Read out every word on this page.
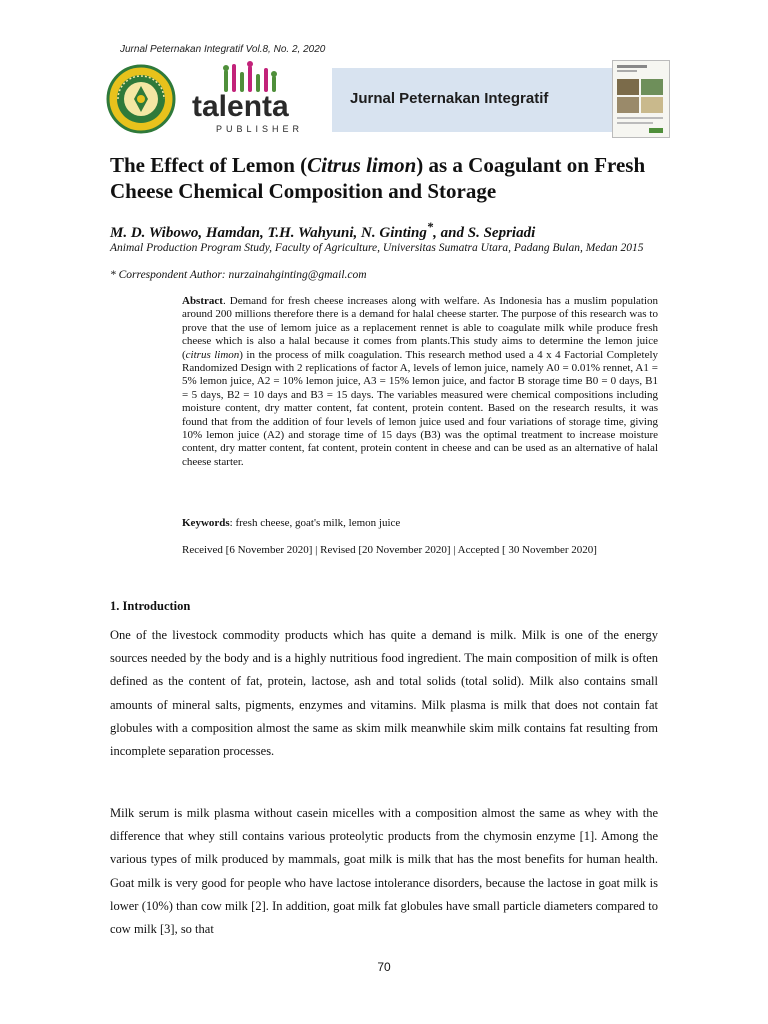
Jurnal Peternakan Integratif Vol.8, No. 2, 2020
talenta
PUBLISHER
Jurnal Peternakan Integratif
The Effect of Lemon (Citrus limon) as a Coagulant on Fresh Cheese Chemical Composition and Storage
M. D. Wibowo, Hamdan, T.H. Wahyuni, N. Ginting*, and S. Sepriadi
Animal Production Program Study, Faculty of Agriculture, Universitas Sumatra Utara, Padang Bulan, Medan 2015
* Correspondent Author: nurzainahginting@gmail.com
Abstract. Demand for fresh cheese increases along with welfare. As Indonesia has a muslim population around 200 millions therefore there is a demand for halal cheese starter. The purpose of this research was to prove that the use of lemom juice as a replacement rennet is able to coagulate milk while produce fresh cheese which is also a halal because it comes from plants.This study aims to determine the lemon juice (citrus limon) in the process of milk coagulation. This research method used a 4 x 4 Factorial Completely Randomized Design with 2 replications of factor A, levels of lemon juice, namely A0 = 0.01% rennet, A1 = 5% lemon juice, A2 = 10% lemon juice, A3 = 15% lemon juice, and factor B storage time B0 = 0 days, B1 = 5 days, B2 = 10 days and B3 = 15 days. The variables measured were chemical compositions including moisture content, dry matter content, fat content, protein content. Based on the research results, it was found that from the addition of four levels of lemon juice used and four variations of storage time, giving 10% lemon juice (A2) and storage time of 15 days (B3) was the optimal treatment to increase moisture content, dry matter content, fat content, protein content in cheese and can be used as an alternative of halal cheese starter.
Keywords: fresh cheese, goat's milk, lemon juice
Received [6 November 2020] | Revised [20 November 2020] | Accepted [ 30 November 2020]
1. Introduction
One of the livestock commodity products which has quite a demand is milk. Milk is one of the energy sources needed by the body and is a highly nutritious food ingredient. The main composition of milk is often defined as the content of fat, protein, lactose, ash and total solids (total solid). Milk also contains small amounts of mineral salts, pigments, enzymes and vitamins. Milk plasma is milk that does not contain fat globules with a composition almost the same as skim milk meanwhile skim milk contains fat resulting from incomplete separation processes.
Milk serum is milk plasma without casein micelles with a composition almost the same as whey with the difference that whey still contains various proteolytic products from the chymosin enzyme [1]. Among the various types of milk produced by mammals, goat milk is milk that has the most benefits for human health. Goat milk is very good for people who have lactose intolerance disorders, because the lactose in goat milk is lower (10%) than cow milk [2]. In addition, goat milk fat globules have small particle diameters compared to cow milk [3], so that
70
